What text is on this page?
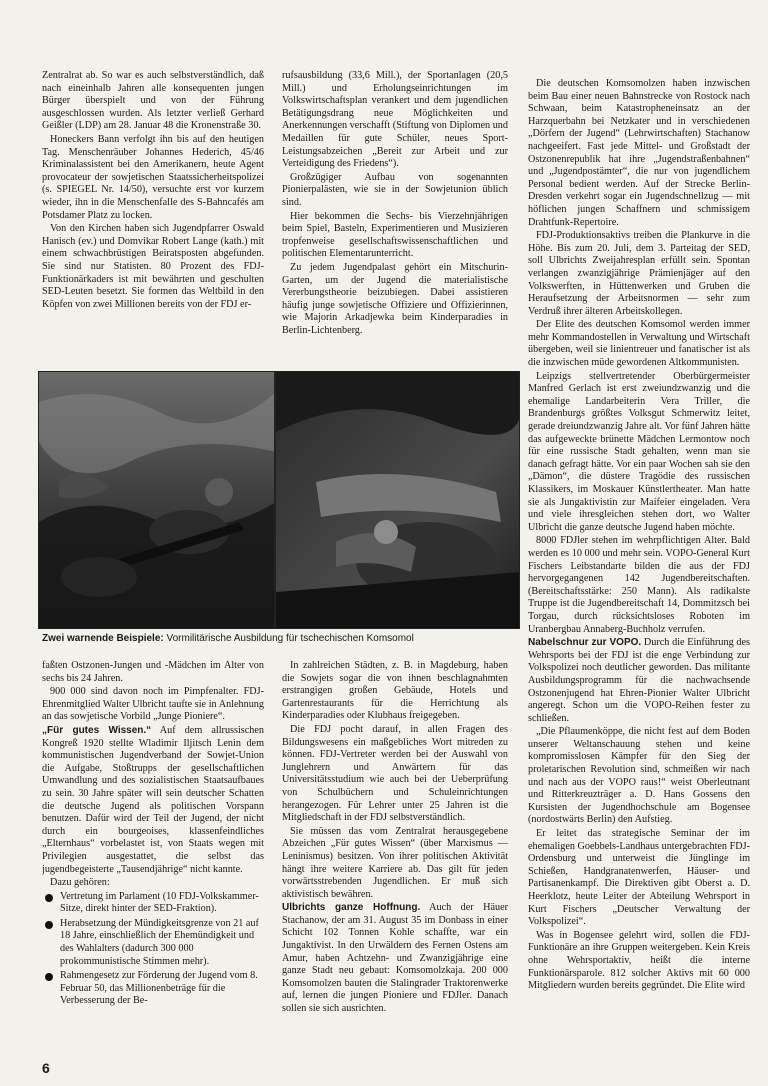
Zentralrat ab. So war es auch selbstverständlich, daß nach eineinhalb Jahren alle konsequenten jungen Bürger überspielt und von der Führung ausgeschlossen wurden. Als letzter verließ Gerhard Geißler (LDP) am 28. Januar 48 die Kronenstraße 30.

Honeckers Bann verfolgt ihn bis auf den heutigen Tag. Menschenräuber Johannes Hederich, 45/46 Kriminalassistent bei den Amerikanern, heute Agent provocateur der sowjetischen Staatssicherheitspolizei (s. SPIEGEL Nr. 14/50), versuchte erst vor kurzem wieder, ihn in die Menschenfalle des S-Bahncafés am Potsdamer Platz zu locken.

Von den Kirchen haben sich Jugendpfarrer Oswald Hanisch (ev.) und Domvikar Robert Lange (kath.) mit einem schwachbrüstigen Beiratsposten abgefunden. Sie sind nur Statisten. 80 Prozent des FDJ-Funktionärkaders ist mit bewährten und geschulten SED-Leuten besetzt. Sie formen das Weltbild in den Köpfen von zwei Millionen bereits von der FDJ er-

rufsausbildung (33,6 Mill.), der Sportanlagen (20,5 Mill.) und Erholungseinrichtungen im Volkswirtschaftsplan verankert und dem jugendlichen Betätigungsdrang neue Möglichkeiten und Anerkennungen verschafft (Stiftung von Diplomen und Medaillen für gute Schüler, neues Sport-Leistungsabzeichen „Bereit zur Arbeit und zur Verteidigung des Friedens“).

Großzügiger Aufbau von sogenannten Pionierpalästen, wie sie in der Sowjetunion üblich sind.

Hier bekommen die Sechs- bis Vierzehnjährigen beim Spiel, Basteln, Experimentieren und Musizieren tropfenweise gesellschaftswissenschaftlichen und politischen Elementarunterricht.

Zu jedem Jugendpalast gehört ein Mitschurin-Garten, um der Jugend die materialistische Vererbungstheorie beizubiegen. Dabei assistieren häufig junge sowjetische Offiziere und Offizierinnen, wie Majorin Arkadjewka beim Kinderparadies in Berlin-Lichtenberg.

Zwei warnende Beispiele: Vormilitärische Ausbildung für tschechischen Komsomol

faßten Ostzonen-Jungen und -Mädchen im Alter von sechs bis 24 Jahren.

900 000 sind davon noch im Pimpfenalter. FDJ-Ehrenmitglied Walter Ulbricht taufte sie in Anlehnung an das sowjetische Vorbild „Junge Pioniere“.

„Für gutes Wissen.“ Auf dem allrussischen Kongreß 1920 stellte Wladimir Iljitsch Lenin dem kommunistischen Jugendverband der Sowjet-Union die Aufgabe, Stoßtrupps der gesellschaftlichen Umwandlung und des sozialistischen Staatsaufbaues zu sein. 30 Jahre später will sein deutscher Schatten die deutsche Jugend als politischen Vorspann benutzen. Dafür wird der Teil der Jugend, der nicht durch ein bourgeoises, klassenfeindliches „Elternhaus“ vorbelastet ist, von Staats wegen mit Privilegien ausgestattet, die selbst das jugendbegeisterte „Tausendjährige“ nicht kannte.

Dazu gehören:

Vertretung im Parlament (10 FDJ-Volkskammer-Sitze, direkt hinter der SED-Fraktion).
Herabsetzung der Mündigkeitsgrenze von 21 auf 18 Jahre, einschließlich der Ehemündigkeit und des Wahlalters (dadurch 300 000 prokommunistische Stimmen mehr).
Rahmengesetz zur Förderung der Jugend vom 8. Februar 50, das Millionenbeträge für die Verbesserung der Be-

In zahlreichen Städten, z. B. in Magdeburg, haben die Sowjets sogar die von ihnen beschlagnahmten erstrangigen großen Gebäude, Hotels und Gartenrestaurants für die Herrichtung als Kinderparadies oder Klubhaus freigegeben.

Die FDJ pocht darauf, in allen Fragen des Bildungswesens ein maßgebliches Wort mitreden zu können. FDJ-Vertreter werden bei der Auswahl von Junglehrern und Anwärtern für das Universitätsstudium wie auch bei der Ueberprüfung von Schulbüchern und Schuleinrichtungen herangezogen. Für Lehrer unter 25 Jahren ist die Mitgliedschaft in der FDJ selbstverständlich.

Sie müssen das vom Zentralrat herausgegebene Abzeichen „Für gutes Wissen“ (über Marxismus — Leninismus) besitzen. Von ihrer politischen Aktivität hängt ihre weitere Karriere ab. Das gilt für jeden vorwärtsstrebenden Jugendlichen. Er muß sich aktivistisch bewähren.

Ulbrichts ganze Hoffnung. Auch der Häuer Stachanow, der am 31. August 35 im Donbass in einer Schicht 102 Tonnen Kohle schaffte, war ein Jungaktivist. In den Urwäldern des Fernen Ostens am Amur, haben Achtzehn- und Zwanzigjährige eine ganze Stadt neu gebaut: Komsomolzkaja. 200 000 Komsomolzen bauten die Stalingrader Traktorenwerke auf, lernen die jungen Pioniere und FDJler. Danach sollen sie sich ausrichten.

Die deutschen Komsomolzen haben inzwischen beim Bau einer neuen Bahnstrecke von Rostock nach Schwaan, beim Katastropheneinsatz an der Harzquerbahn bei Netzkater und in verschiedenen „Dörfern der Jugend“ (Lehrwirtschaften) Stachanow nachgeeifert. Fast jede Mittel- und Großstadt der Ostzonenrepublik hat ihre „Jugendstraßenbahnen“ und „Jugendpostämter“, die nur von jugendlichem Personal bedient werden. Auf der Strecke Berlin-Dresden verkehrt sogar ein Jugendschnellzug — mit höflichen jungen Schaffnern und schmissigem Drahtfunk-Repertoire.

FDJ-Produktionsaktivs treiben die Plankurve in die Höhe. Bis zum 20. Juli, dem 3. Parteitag der SED, soll Ulbrichts Zweijahresplan erfüllt sein. Spontan verlangen zwanzigjährige Prämienjäger auf den Volkswerften, in Hüttenwerken und Gruben die Heraufsetzung der Arbeitsnormen — sehr zum Verdruß ihrer älteren Arbeitskollegen.

Der Elite des deutschen Komsomol werden immer mehr Kommandostellen in Verwaltung und Wirtschaft übergeben, weil sie linientreuer und fanatischer ist als die inzwischen müde gewordenen Altkommunisten.

Leipzigs stellvertretender Oberbürgermeister Manfred Gerlach ist erst zweiundzwanzig und die ehemalige Landarbeiterin Vera Triller, die Brandenburgs größtes Volksgut Schmerwitz leitet, gerade dreiundzwanzig Jahre alt. Vor fünf Jahren hätte das aufgeweckte brünette Mädchen Lermontow noch für eine russische Stadt gehalten, wenn man sie danach gefragt hätte. Vor ein paar Wochen sah sie den „Dämon“, die düstere Tragödie des russischen Klassikers, im Moskauer Künstlertheater. Man hatte sie als Jungaktivistin zur Maifeier eingeladen. Vera und viele ihresgleichen stehen dort, wo Walter Ulbricht die ganze deutsche Jugend haben möchte.

8000 FDJler stehen im wehrpflichtigen Alter. Bald werden es 10 000 und mehr sein. VOPO-General Kurt Fischers Leibstandarte bilden die aus der FDJ hervorgegangenen 142 Jugendbereitschaften. (Bereitschaftsstärke: 250 Mann). Als radikalste Truppe ist die Jugendbereitschaft 14, Dommitzsch bei Torgau, durch rücksichtsloses Roboten im Uranbergbau Annaberg-Buchholz verrufen.

Nabelschnur zur VOPO. Durch die Einführung des Wehrsports bei der FDJ ist die enge Verbindung zur Volkspolizei noch deutlicher geworden. Das militante Ausbildungsprogramm für die nachwachsende Ostzonenjugend hat Ehren-Pionier Walter Ulbricht angeregt. Schon um die VOPO-Reihen fester zu schließen.

„Die Pflaumenköppe, die nicht fest auf dem Boden unserer Weltanschauung stehen und keine kompromisslosen Kämpfer für den Sieg der proletarischen Revolution sind, schmeißen wir nach und nach aus der VOPO raus!“ weist Oberleutnant und Ritterkreuzträger a. D. Hans Gossens den Kursisten der Jugendhochschule am Bogensee (nordostwärts Berlin) den Aufstieg.

Er leitet das strategische Seminar der im ehemaligen Goebbels-Landhaus untergebrachten FDJ-Ordensburg und unterweist die Jünglinge im Schießen, Handgranatenwerfen, Häuser- und Partisanenkampf. Die Direktiven gibt Oberst a. D. Heerklotz, heute Leiter der Abteilung Wehrsport in Kurt Fischers „Deutscher Verwaltung der Volkspolizei“.

Was in Bogensee gelehrt wird, sollen die FDJ-Funktionäre an ihre Gruppen weitergeben. Kein Kreis ohne Wehrsportaktiv, heißt die interne Funktionärsparole. 812 solcher Aktivs mit 60 000 Mitgliedern wurden bereits gegründet. Die Elite wird

6
